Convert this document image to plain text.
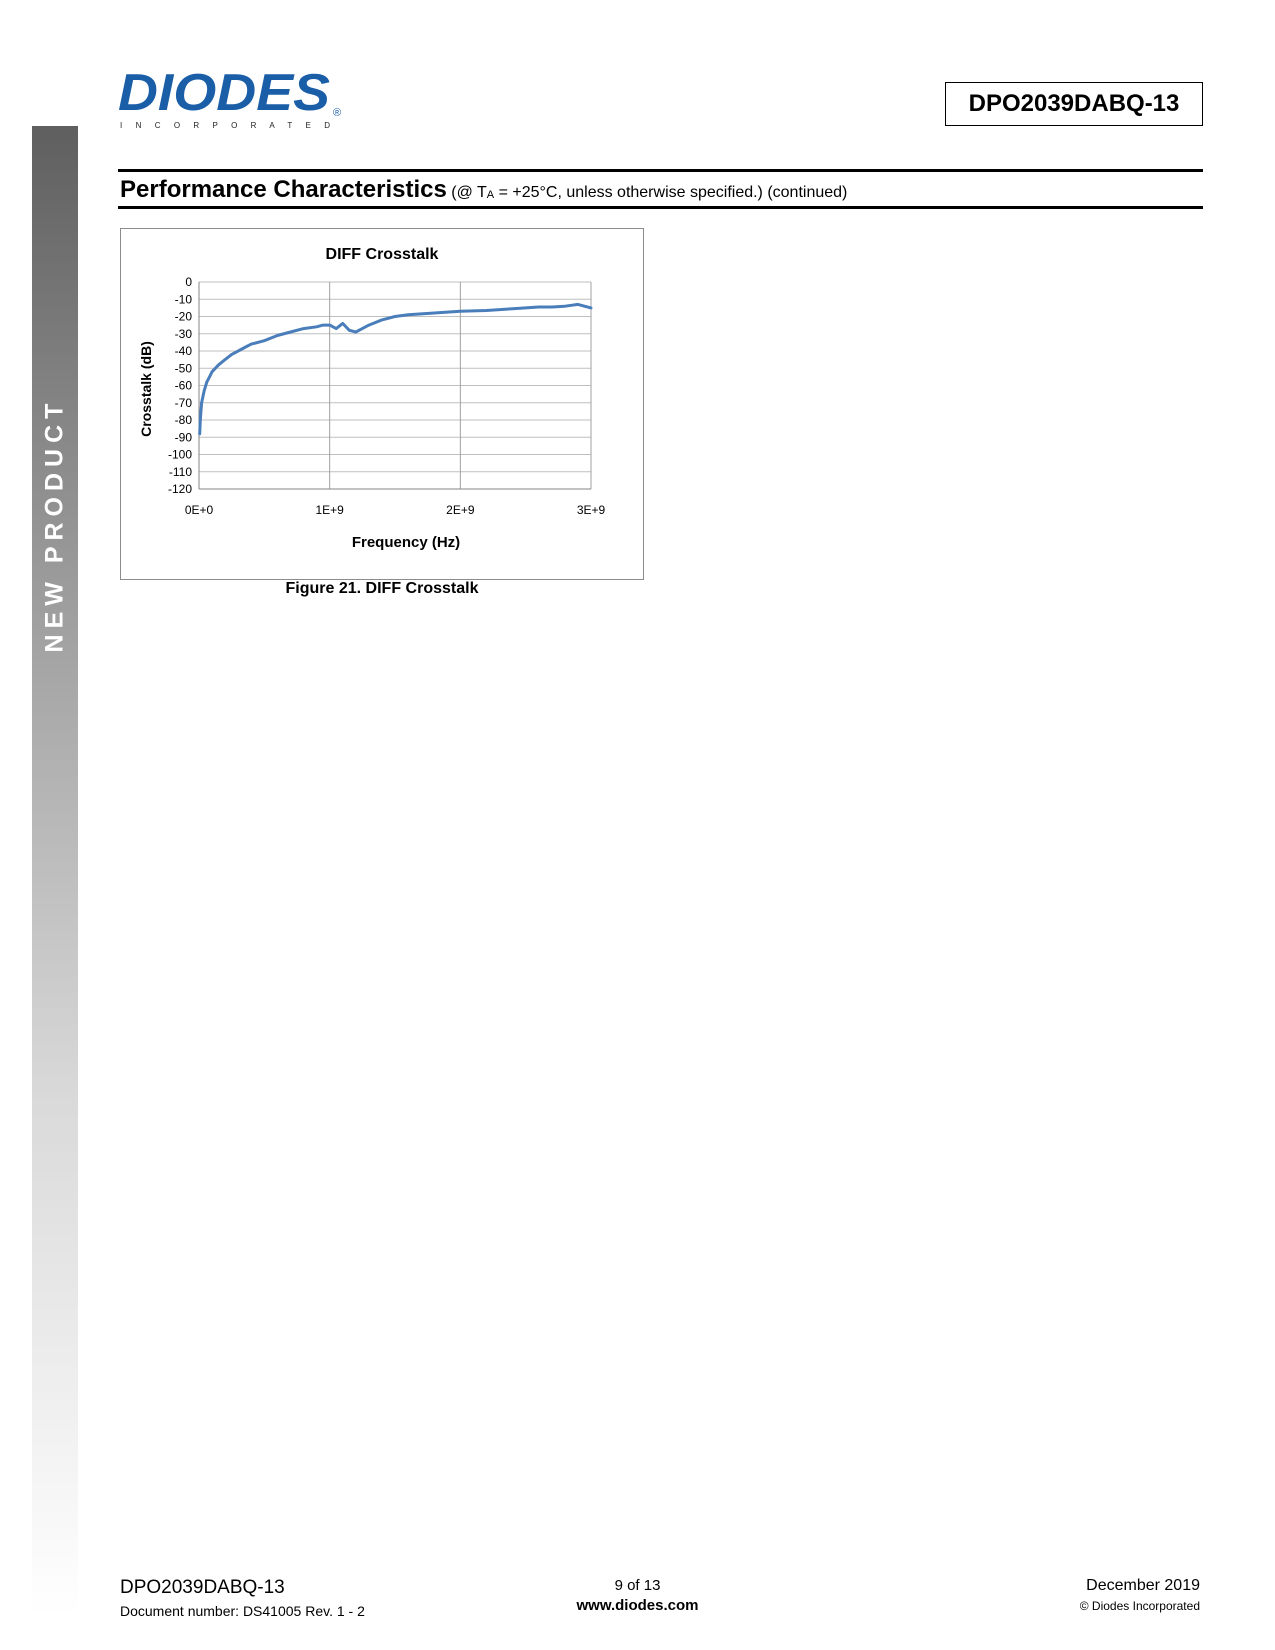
NEW PRODUCT
DIODES ®
I N C O R P O R A T E D
DPO2039DABQ-13
Performance Characteristics (@ $T_A = +25^\circ C$, unless otherwise specified.) (continued)
0
-10
-20
-30
-40
-50
-60
-70
-80
-90
-100
-110
-120
0E+0	1E+9	2E+9	3E+9
DIFF Crosstalk
Frequency (Hz)
Crosstalk (dB)
Figure 21. DIFF Crosstalk
DPO2039DABQ-13
Document number: DS41005 Rev. 1 - 2
9 of 13
www.diodes.com
December 2019
© Diodes Incorporated
